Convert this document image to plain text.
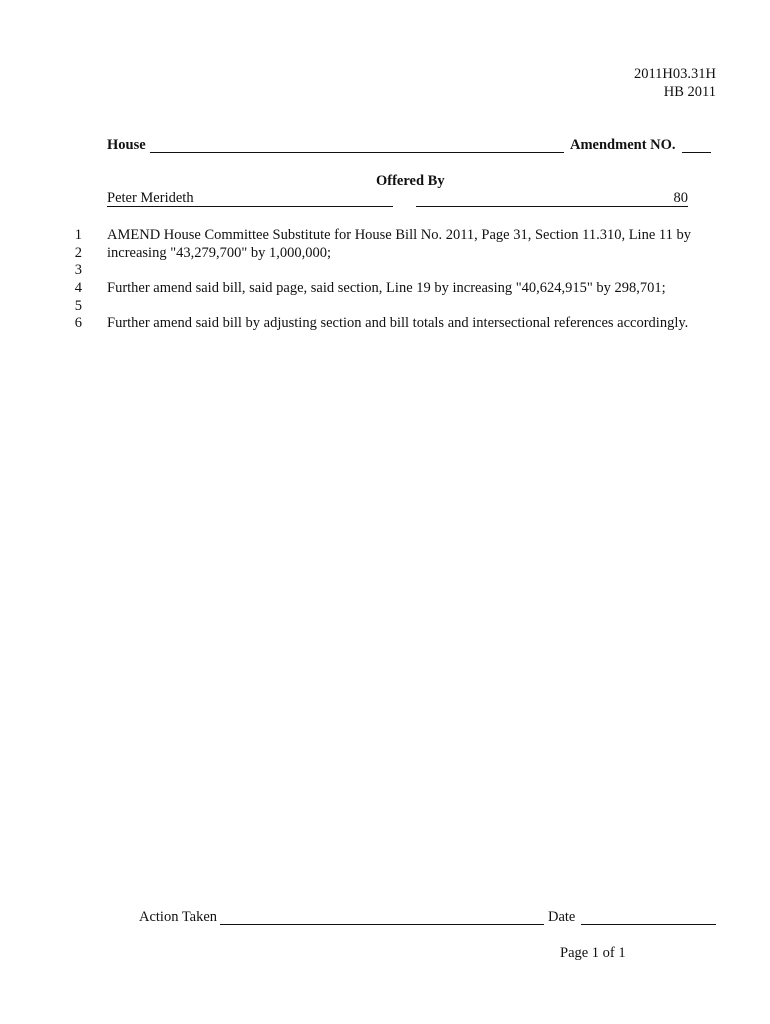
2011H03.31H
HB 2011
House	Amendment NO.
Offered By
Peter Merideth	80
1 AMEND House Committee Substitute for House Bill No. 2011, Page 31, Section 11.310, Line 11 by
2 increasing "43,279,700" by 1,000,000;
3
4 Further amend said bill, said page, said section, Line 19 by increasing "40,624,915" by 298,701;
5
6 Further amend said bill by adjusting section and bill totals and intersectional references accordingly.
Action Taken	Date
Page 1 of 1
